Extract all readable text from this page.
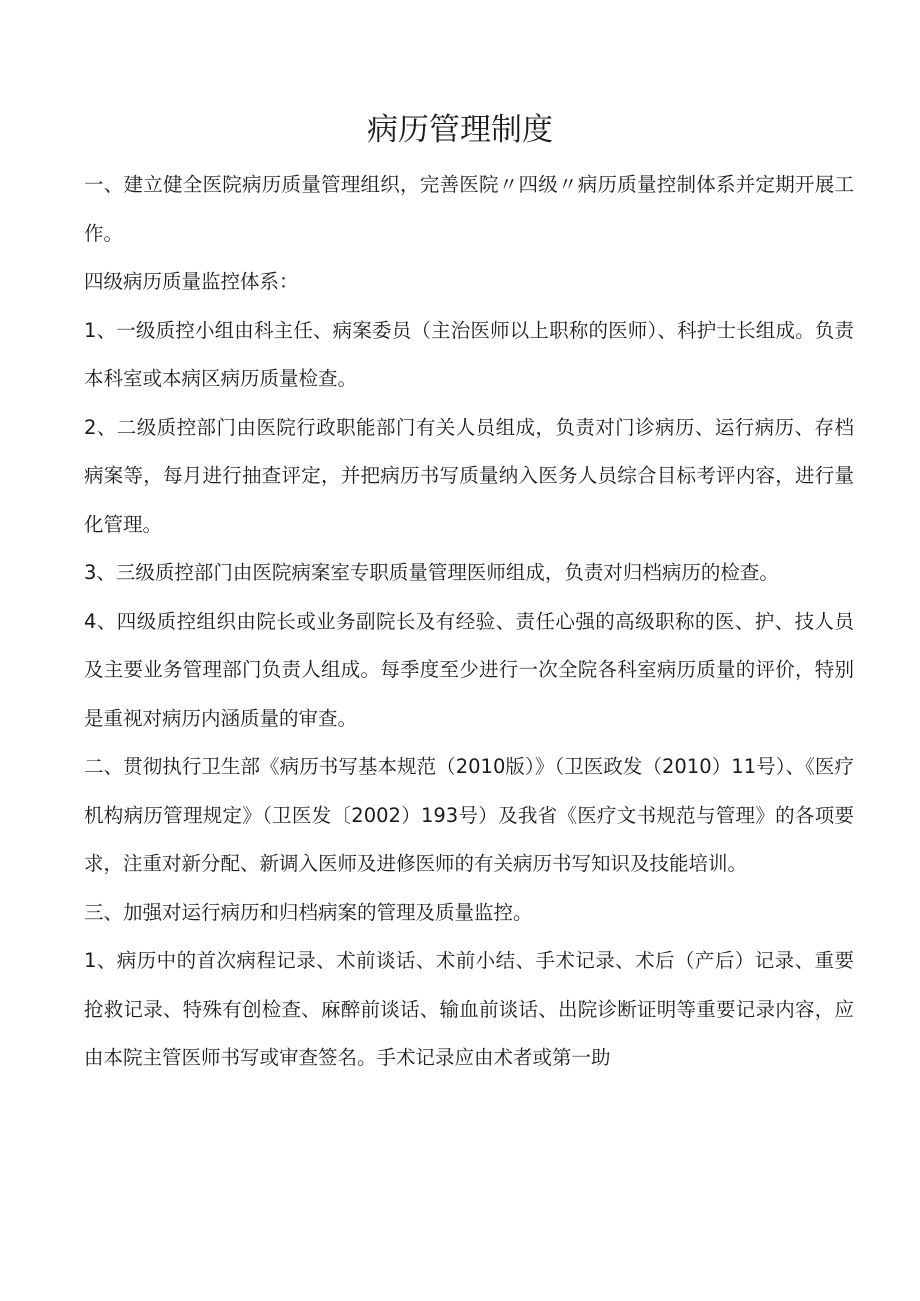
病历管理制度

一、建立健全医院病历质量管理组织，完善医院〃四级〃病历质量控制体系并定期开展工作。

四级病历质量监控体系：

1、一级质控小组由科主任、病案委员（主治医师以上职称的医师）、科护士长组成。负责本科室或本病区病历质量检查。

2、二级质控部门由医院行政职能部门有关人员组成，负责对门诊病历、运行病历、存档病案等，每月进行抽查评定，并把病历书写质量纳入医务人员综合目标考评内容，进行量化管理。

3、三级质控部门由医院病案室专职质量管理医师组成，负责对归档病历的检查。

4、四级质控组织由院长或业务副院长及有经验、责任心强的高级职称的医、护、技人员及主要业务管理部门负责人组成。每季度至少进行一次全院各科室病历质量的评价，特别是重视对病历内涵质量的审查。

二、贯彻执行卫生部《病历书写基本规范（2010版）》（卫医政发（2010）11号）、《医疗机构病历管理规定》（卫医发〔2002）193号）及我省《医疗文书规范与管理》的各项要求，注重对新分配、新调入医师及进修医师的有关病历书写知识及技能培训。

三、加强对运行病历和归档病案的管理及质量监控。

1、病历中的首次病程记录、术前谈话、术前小结、手术记录、术后（产后）记录、重要抢救记录、特殊有创检查、麻醉前谈话、输血前谈话、出院诊断证明等重要记录内容，应由本院主管医师书写或审查签名。手术记录应由术者或第一助
